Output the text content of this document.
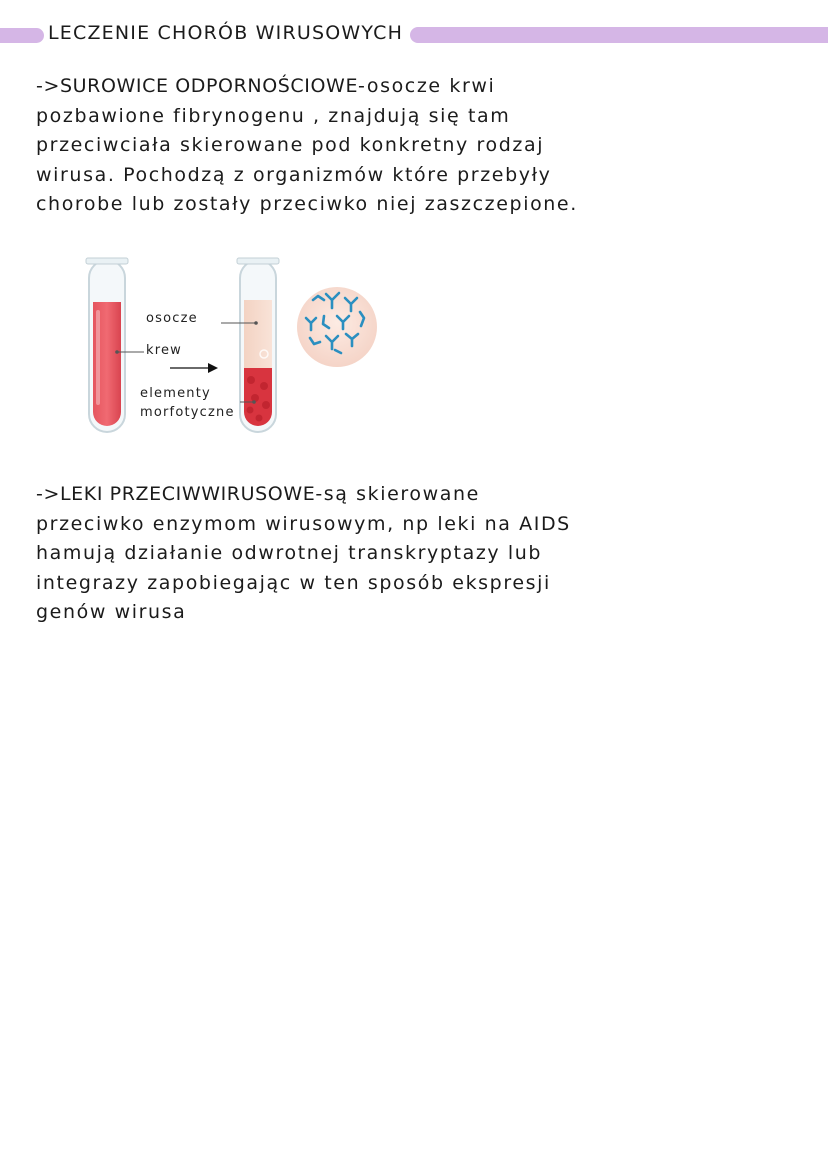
LECZENIE CHORÓB WIRUSOWYCH
->SUROWICE ODPORNOŚCIOWE-osocze krwi
pozbawione fibrynogenu , znajdują się tam
przeciwciała skierowane pod konkretny rodzaj
wirusa. Pochodzą z organizmów które przebyły
chorobe lub zostały przeciwko niej zaszczepione.
osocze
krew
elementy
morfotyczne
->LEKI PRZECIWWIRUSOWE-są skierowane
przeciwko enzymom wirusowym, np leki na AIDS
hamują działanie odwrotnej transkryptazy lub
integrazy zapobiegając w ten sposób ekspresji
genów wirusa
